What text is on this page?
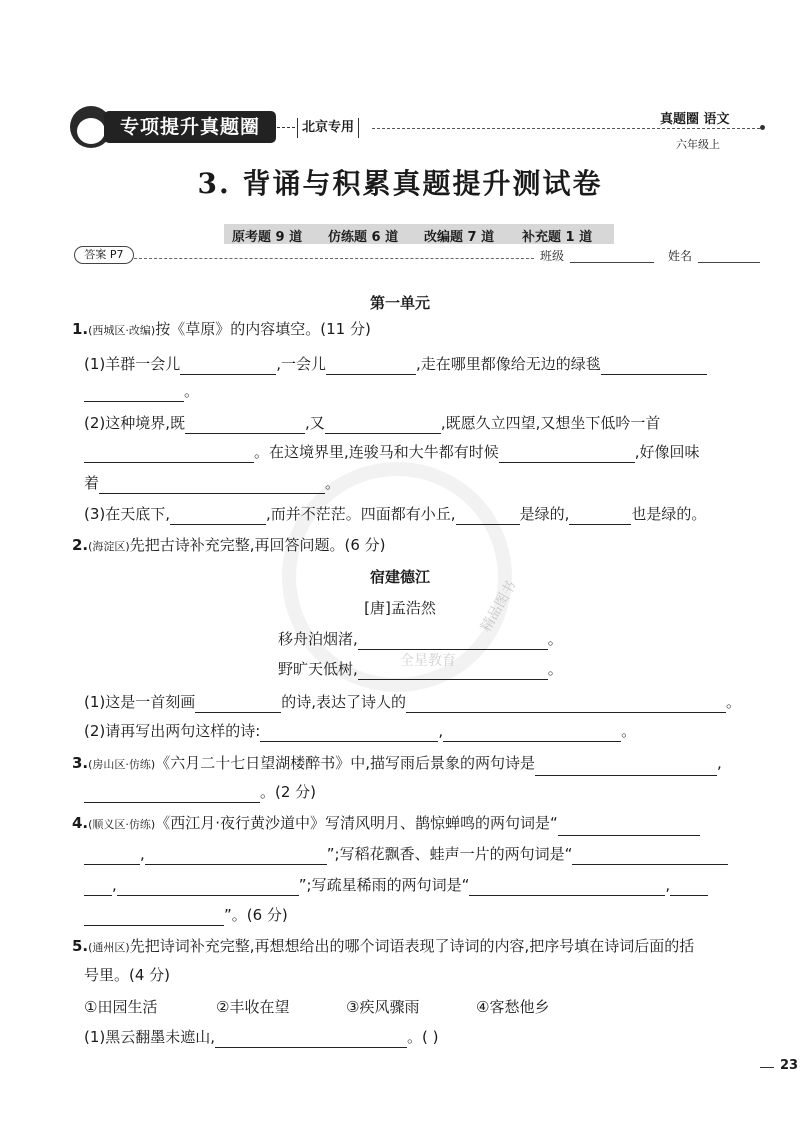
专项提升真题圈	北京专用
真题圈 语文
六年级上
3. 背诵与积累真题提升测试卷
原考题 9 道 仿练题 6 道 改编题 7 道 补充题 1 道
答案 P7	班级	姓名
全星教育
精品图书
第一单元
1.(西城区·改编)按《草原》的内容填空。(11 分)
(1)羊群一会儿	,一会儿	,走在哪里都像给无边的绿毯
。
(2)这种境界,既	,又	,既愿久立四望,又想坐下低吟一首
。在这境界里,连骏马和大牛都有时候	,好像回味
着	。
(3)在天底下,	,而并不茫茫。四面都有小丘,	是绿的,	也是绿的。
2.(海淀区)先把古诗补充完整,再回答问题。(6 分)
宿建德江
[唐]孟浩然
移舟泊烟渚,	。
野旷天低树,	。
(1)这是一首刻画	的诗,表达了诗人的	。
(2)请再写出两句这样的诗:	,	。
3.(房山区·仿练)《六月二十七日望湖楼醉书》中,描写雨后景象的两句诗是	,
。(2 分)
4.(顺义区·仿练)《西江月·夜行黄沙道中》写清风明月、鹊惊蝉鸣的两句词是“
,	”;写稻花飘香、蛙声一片的两句词是“
,	”;写疏星稀雨的两句词是“	,
”。(6 分)
5.(通州区)先把诗词补充完整,再想想给出的哪个词语表现了诗词的内容,把序号填在诗词后面的括
号里。(4 分)
①田园生活	②丰收在望	③疾风骤雨	④客愁他乡
(1)黑云翻墨未遮山,	。( )
23
